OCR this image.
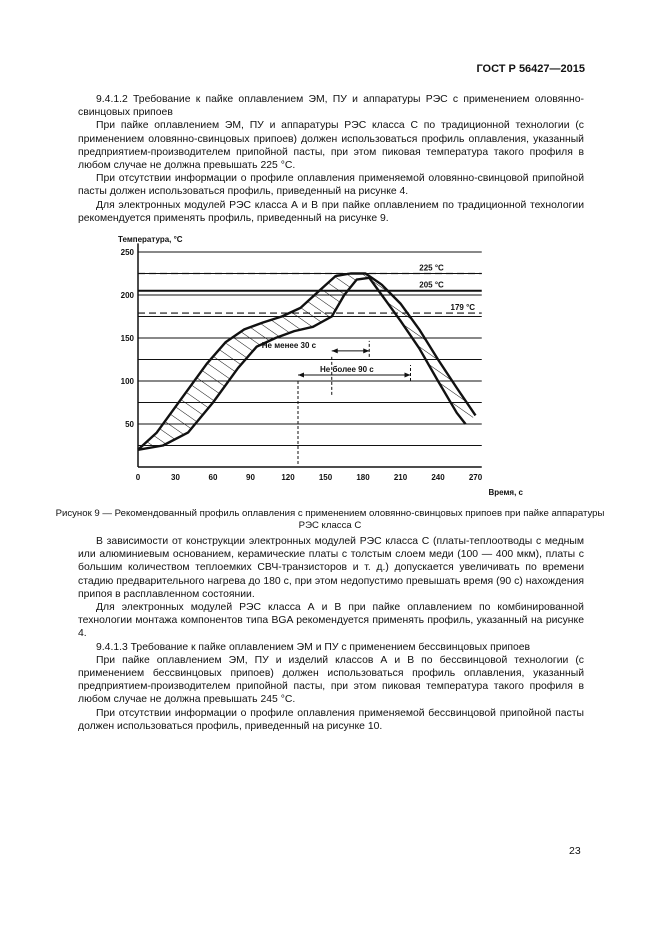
ГОСТ Р 56427—2015

9.4.1.2 Требование к пайке оплавлением ЭМ, ПУ и аппаратуры РЭС с применением оловянно-свинцовых припоев

При пайке оплавлением ЭМ, ПУ и аппаратуры РЭС класса С по традиционной технологии (с применением оловянно-свинцовых припоев) должен использоваться профиль оплавления, указанный предприятием-производителем припойной пасты, при этом пиковая температура такого профиля в любом случае не должна превышать 225 °С.

При отсутствии информации о профиле оплавления применяемой оловянно-свинцовой припойной пасты должен использоваться профиль, приведенный на рисунке 4.

Для электронных модулей РЭС класса А и В при пайке оплавлением по традиционной технологии рекомендуется применять профиль, приведенный на рисунке 9.

225 °С
205 °С
179 °С
Не менее 30 с
Не более 90 с
0	30	60	90	120	150	180	210	240	270
50
100
150
200
250
Температура, °С
Время, с
Рисунок 9 — Рекомендованный профиль оплавления с применением оловянно-свинцовых припоев при пайке аппаратуры РЭС класса С

В зависимости от конструкции электронных модулей РЭС класса С (платы-теплоотводы с медным или алюминиевым основанием, керамические платы с толстым слоем меди (100 — 400 мкм), платы с большим количеством теплоемких СВЧ-транзисторов и т. д.) допускается увеличивать по времени стадию предварительного нагрева до 180 с, при этом недопустимо превышать время (90 с) нахождения припоя в расплавленном состоянии.

Для электронных модулей РЭС класса А и В при пайке оплавлением по комбинированной технологии монтажа компонентов типа BGA рекомендуется применять профиль, указанный на рисунке 4.

9.4.1.3 Требование к пайке оплавлением ЭМ и ПУ с применением бессвинцовых припоев

При пайке оплавлением ЭМ, ПУ и изделий классов А и В по бессвинцовой технологии (с применением бессвинцовых припоев) должен использоваться профиль оплавления, указанный предприятием-производителем припойной пасты, при этом пиковая температура такого профиля в любом случае не должна превышать 245 °С.

При отсутствии информации о профиле оплавления применяемой бессвинцовой припойной пасты должен использоваться профиль, приведенный на рисунке 10.

23
